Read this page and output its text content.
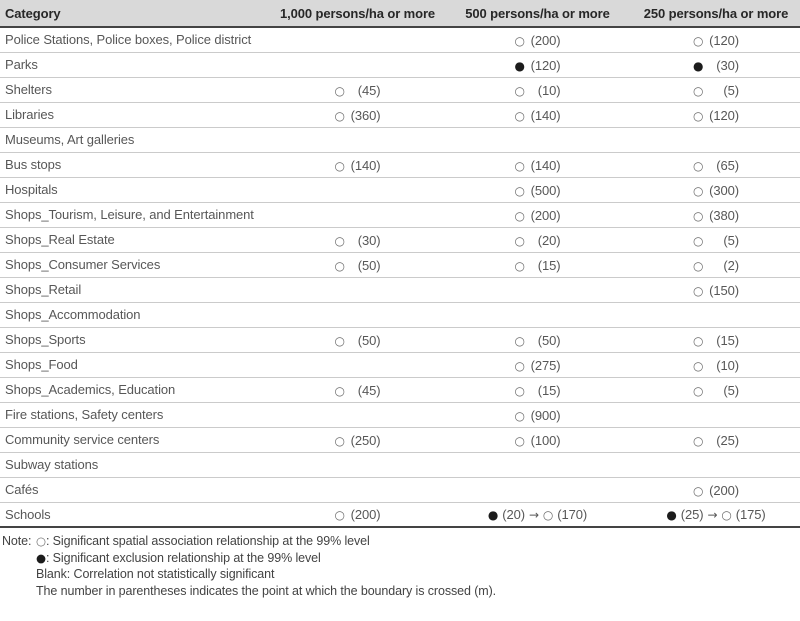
Category	1,000 persons/ha or more	500 persons/ha or more	250 persons/ha or more
Police Stations, Police boxes, Police district		○ (200)	○ (120)

Parks		● (120)	● (30)

Shelters	○ (45)	○ (10)	○ (5)

Libraries	○ (360)	○ (140)	○ (120)

Museums, Art galleries			
Bus stops	○ (140)	○ (140)	○ (65)

Hospitals		○ (500)	○ (300)

Shops_Tourism, Leisure, and Entertainment		○ (200)	○ (380)

Shops_Real Estate	○ (30)	○ (20)	○ (5)

Shops_Consumer Services	○ (50)	○ (15)	○ (2)

Shops_Retail			○ (150)

Shops_Accommodation			
Shops_Sports	○ (50)	○ (50)	○ (15)

Shops_Food		○ (275)	○ (10)

Shops_Academics, Education	○ (45)	○ (15)	○ (5)

Fire stations, Safety centers		○ (900)	

Community service centers	○ (250)	○ (100)	○ (25)

Subway stations			
Cafés			○ (200)

Schools	○ (200)	● (20) → ○ (170)	● (25) → ○ (175)
Note: ○: Significant spatial association relationship at the 99% level
●: Significant exclusion relationship at the 99% level
Blank: Correlation not statistically significant
The number in parentheses indicates the point at which the boundary is crossed (m).
